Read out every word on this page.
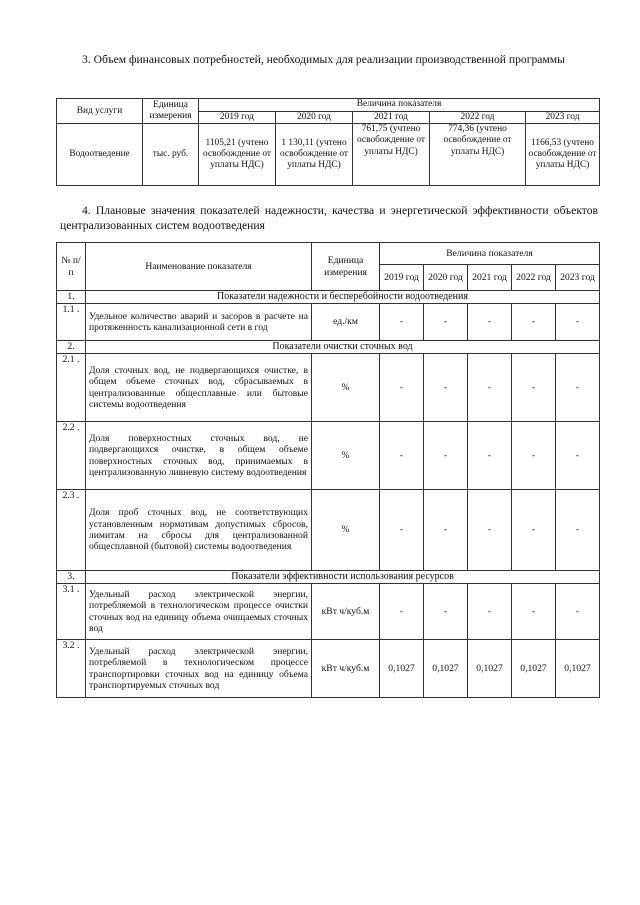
3. Объем финансовых потребностей, необходимых для реализации производственной программы
Вид услуги	Единица измерения	Величина показателя				
		2019 год	2020 год	2021 год	2022 год	2023 год
Водоотведение	тыс. руб.	1105,21 (учтено освобождение от уплаты НДС)	1 130,11 (учтено освобождение от уплаты НДС)	761,75 (учтено освобождение от уплаты НДС)	774,36 (учтено освобождение от уплаты НДС)	1166,53 (учтено освобождение от уплаты НДС)
4. Плановые значения показателей надежности, качества и энергетической эффективности объектов централизованных систем водоотведения
№ п/п	Наименование показателя	Единица измерения	Величина показателя				
			2019 год	2020 год	2021 год	2022 год	2023 год
1.	Показатели надежности и бесперебойности водоотведения						
1.1 .	Удельное количество аварий и засоров в расчете на протяженность канализационной сети в год	ед./км	-	-	-	-	-
2.	Показатели очистки сточных вод						
2.1 .	Доля сточных вод, не подвергающихся очистке, в общем объеме сточных вод, сбрасываемых в централизованные общесплавные или бытовые системы водоотведения	%	-	-	-	-	-
2.2 .	Доля поверхностных сточных вод, не подвергающихся очистке, в общем объеме поверхностных сточных вод, принимаемых в централизованную ливневую систему водоотведения	%	-	-	-	-	-
2.3 .	Доля проб сточных вод, не соответствующих установленным нормативам допустимых сбросов, лимитам на сбросы для централизованной общесплавной (бытовой) системы водоотведения	%	-	-	-	-	-
3.	Показатели эффективности использования ресурсов						
3.1 .	Удельный расход электрической энергии, потребляемой в технологическом процессе очистки сточных вод на единицу объема очищаемых сточных вод	кВт ч/куб.м	-	-	-	-	-
3.2 .	Удельный расход электрической энергии, потребляемой в технологическом процессе транспортировки сточных вод на единицу объема транспортируемых сточных вод	кВт ч/куб.м	0,1027	0,1027	0,1027	0,1027	0,1027
